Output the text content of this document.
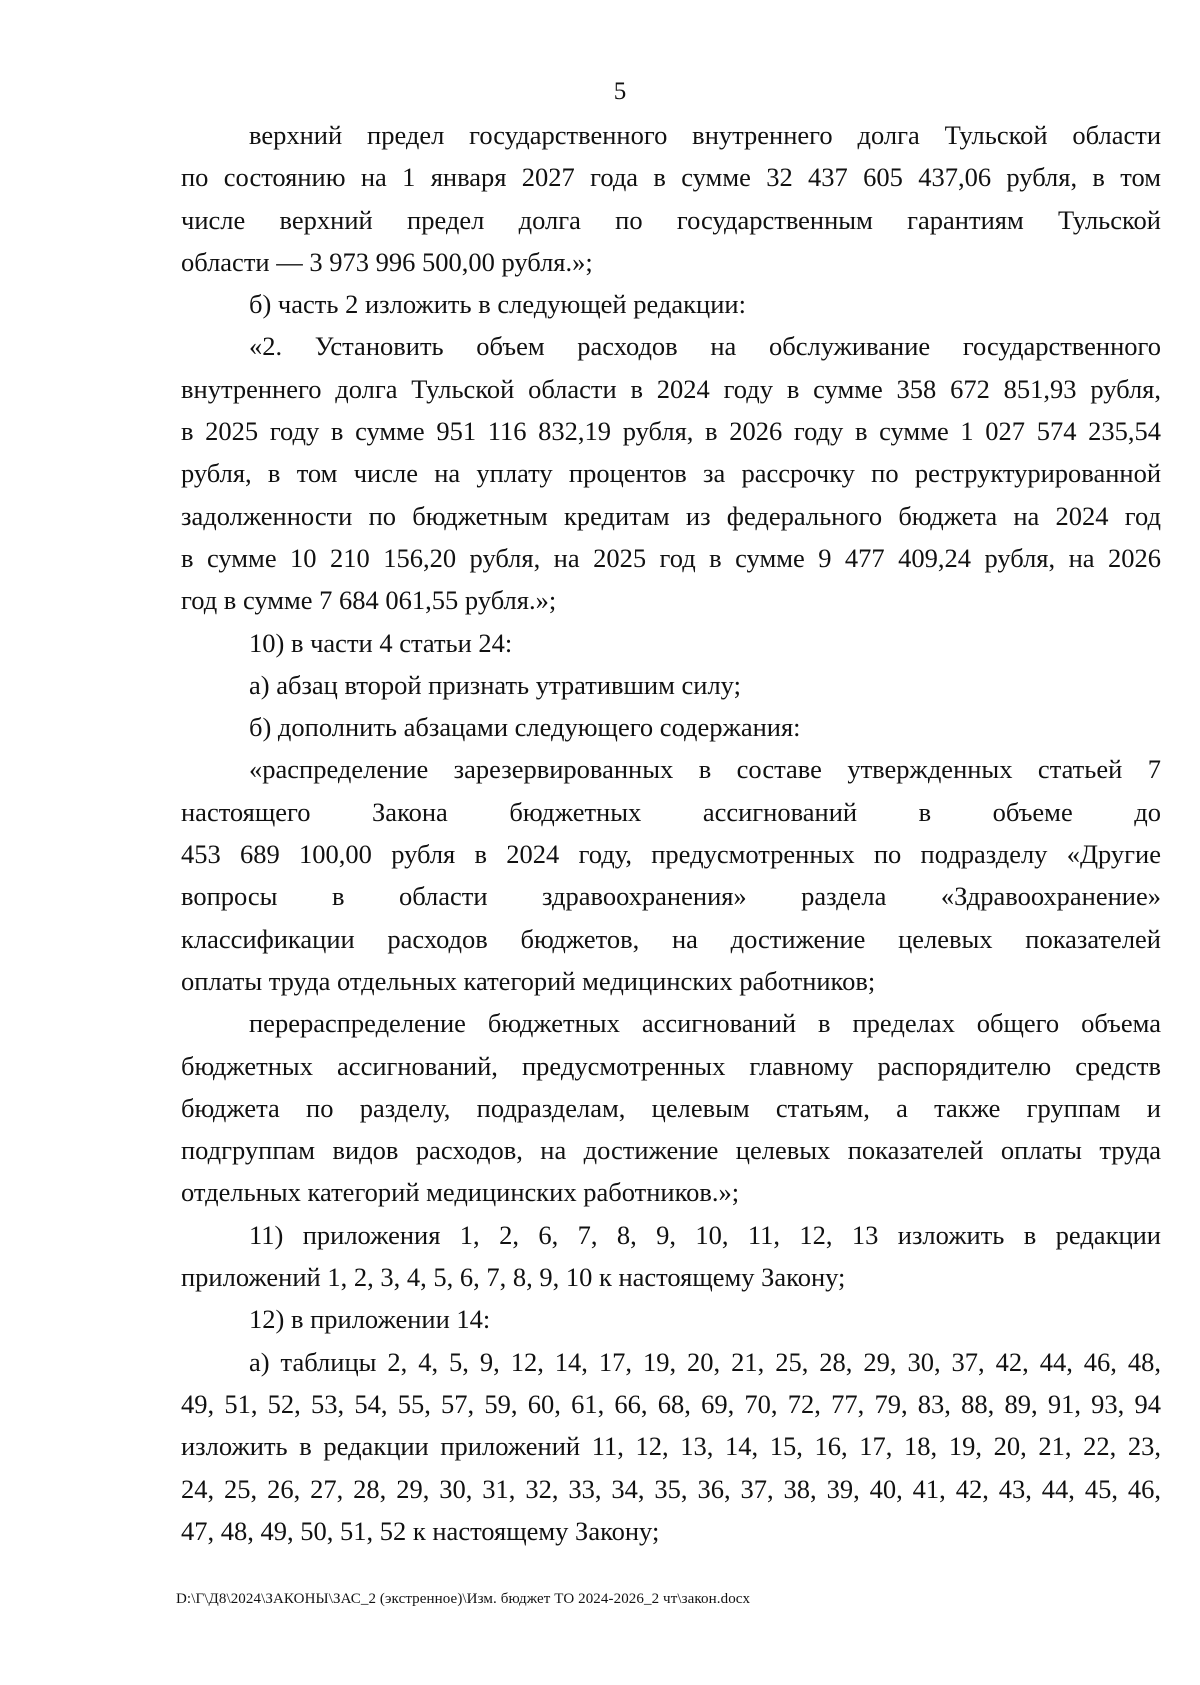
5

верхний предел государственного внутреннего долга Тульской области
по состоянию на 1 января 2027 года в сумме 32 437 605 437,06 рубля, в том
числе верхний предел долга по государственным гарантиям Тульской
области — 3 973 996 500,00 рубля.»;

б) часть 2 изложить в следующей редакции:

«2. Установить объем расходов на обслуживание государственного
внутреннего долга Тульской области в 2024 году в сумме 358 672 851,93 рубля,
в 2025 году в сумме 951 116 832,19 рубля, в 2026 году в сумме 1 027 574 235,54
рубля, в том числе на уплату процентов за рассрочку по реструктурированной
задолженности по бюджетным кредитам из федерального бюджета на 2024 год
в сумме 10 210 156,20 рубля, на 2025 год в сумме 9 477 409,24 рубля, на 2026
год в сумме 7 684 061,55 рубля.»;

10) в части 4 статьи 24:

а) абзац второй признать утратившим силу;

б) дополнить абзацами следующего содержания:

«распределение зарезервированных в составе утвержденных статьей 7
настоящего Закона бюджетных ассигнований в объеме до
453 689 100,00 рубля в 2024 году, предусмотренных по подразделу «Другие
вопросы в области здравоохранения» раздела «Здравоохранение»
классификации расходов бюджетов, на достижение целевых показателей
оплаты труда отдельных категорий медицинских работников;

перераспределение бюджетных ассигнований в пределах общего объема
бюджетных ассигнований, предусмотренных главному распорядителю средств
бюджета по разделу, подразделам, целевым статьям, а также группам и
подгруппам видов расходов, на достижение целевых показателей оплаты труда
отдельных категорий медицинских работников.»;

11) приложения 1, 2, 6, 7, 8, 9, 10, 11, 12, 13 изложить в редакции
приложений 1, 2, 3, 4, 5, 6, 7, 8, 9, 10 к настоящему Закону;

12) в приложении 14:

а) таблицы 2, 4, 5, 9, 12, 14, 17, 19, 20, 21, 25, 28, 29, 30, 37, 42, 44, 46, 48,
49, 51, 52, 53, 54, 55, 57, 59, 60, 61, 66, 68, 69, 70, 72, 77, 79, 83, 88, 89, 91, 93, 94
изложить в редакции приложений 11, 12, 13, 14, 15, 16, 17, 18, 19, 20, 21, 22, 23,
24, 25, 26, 27, 28, 29, 30, 31, 32, 33, 34, 35, 36, 37, 38, 39, 40, 41, 42, 43, 44, 45, 46,
47, 48, 49, 50, 51, 52 к настоящему Закону;

D:\Г\Д8\2024\ЗАКОНЫ\ЗАС_2 (экстренное)\Изм. бюджет ТО 2024-2026_2 чт\закон.docx
